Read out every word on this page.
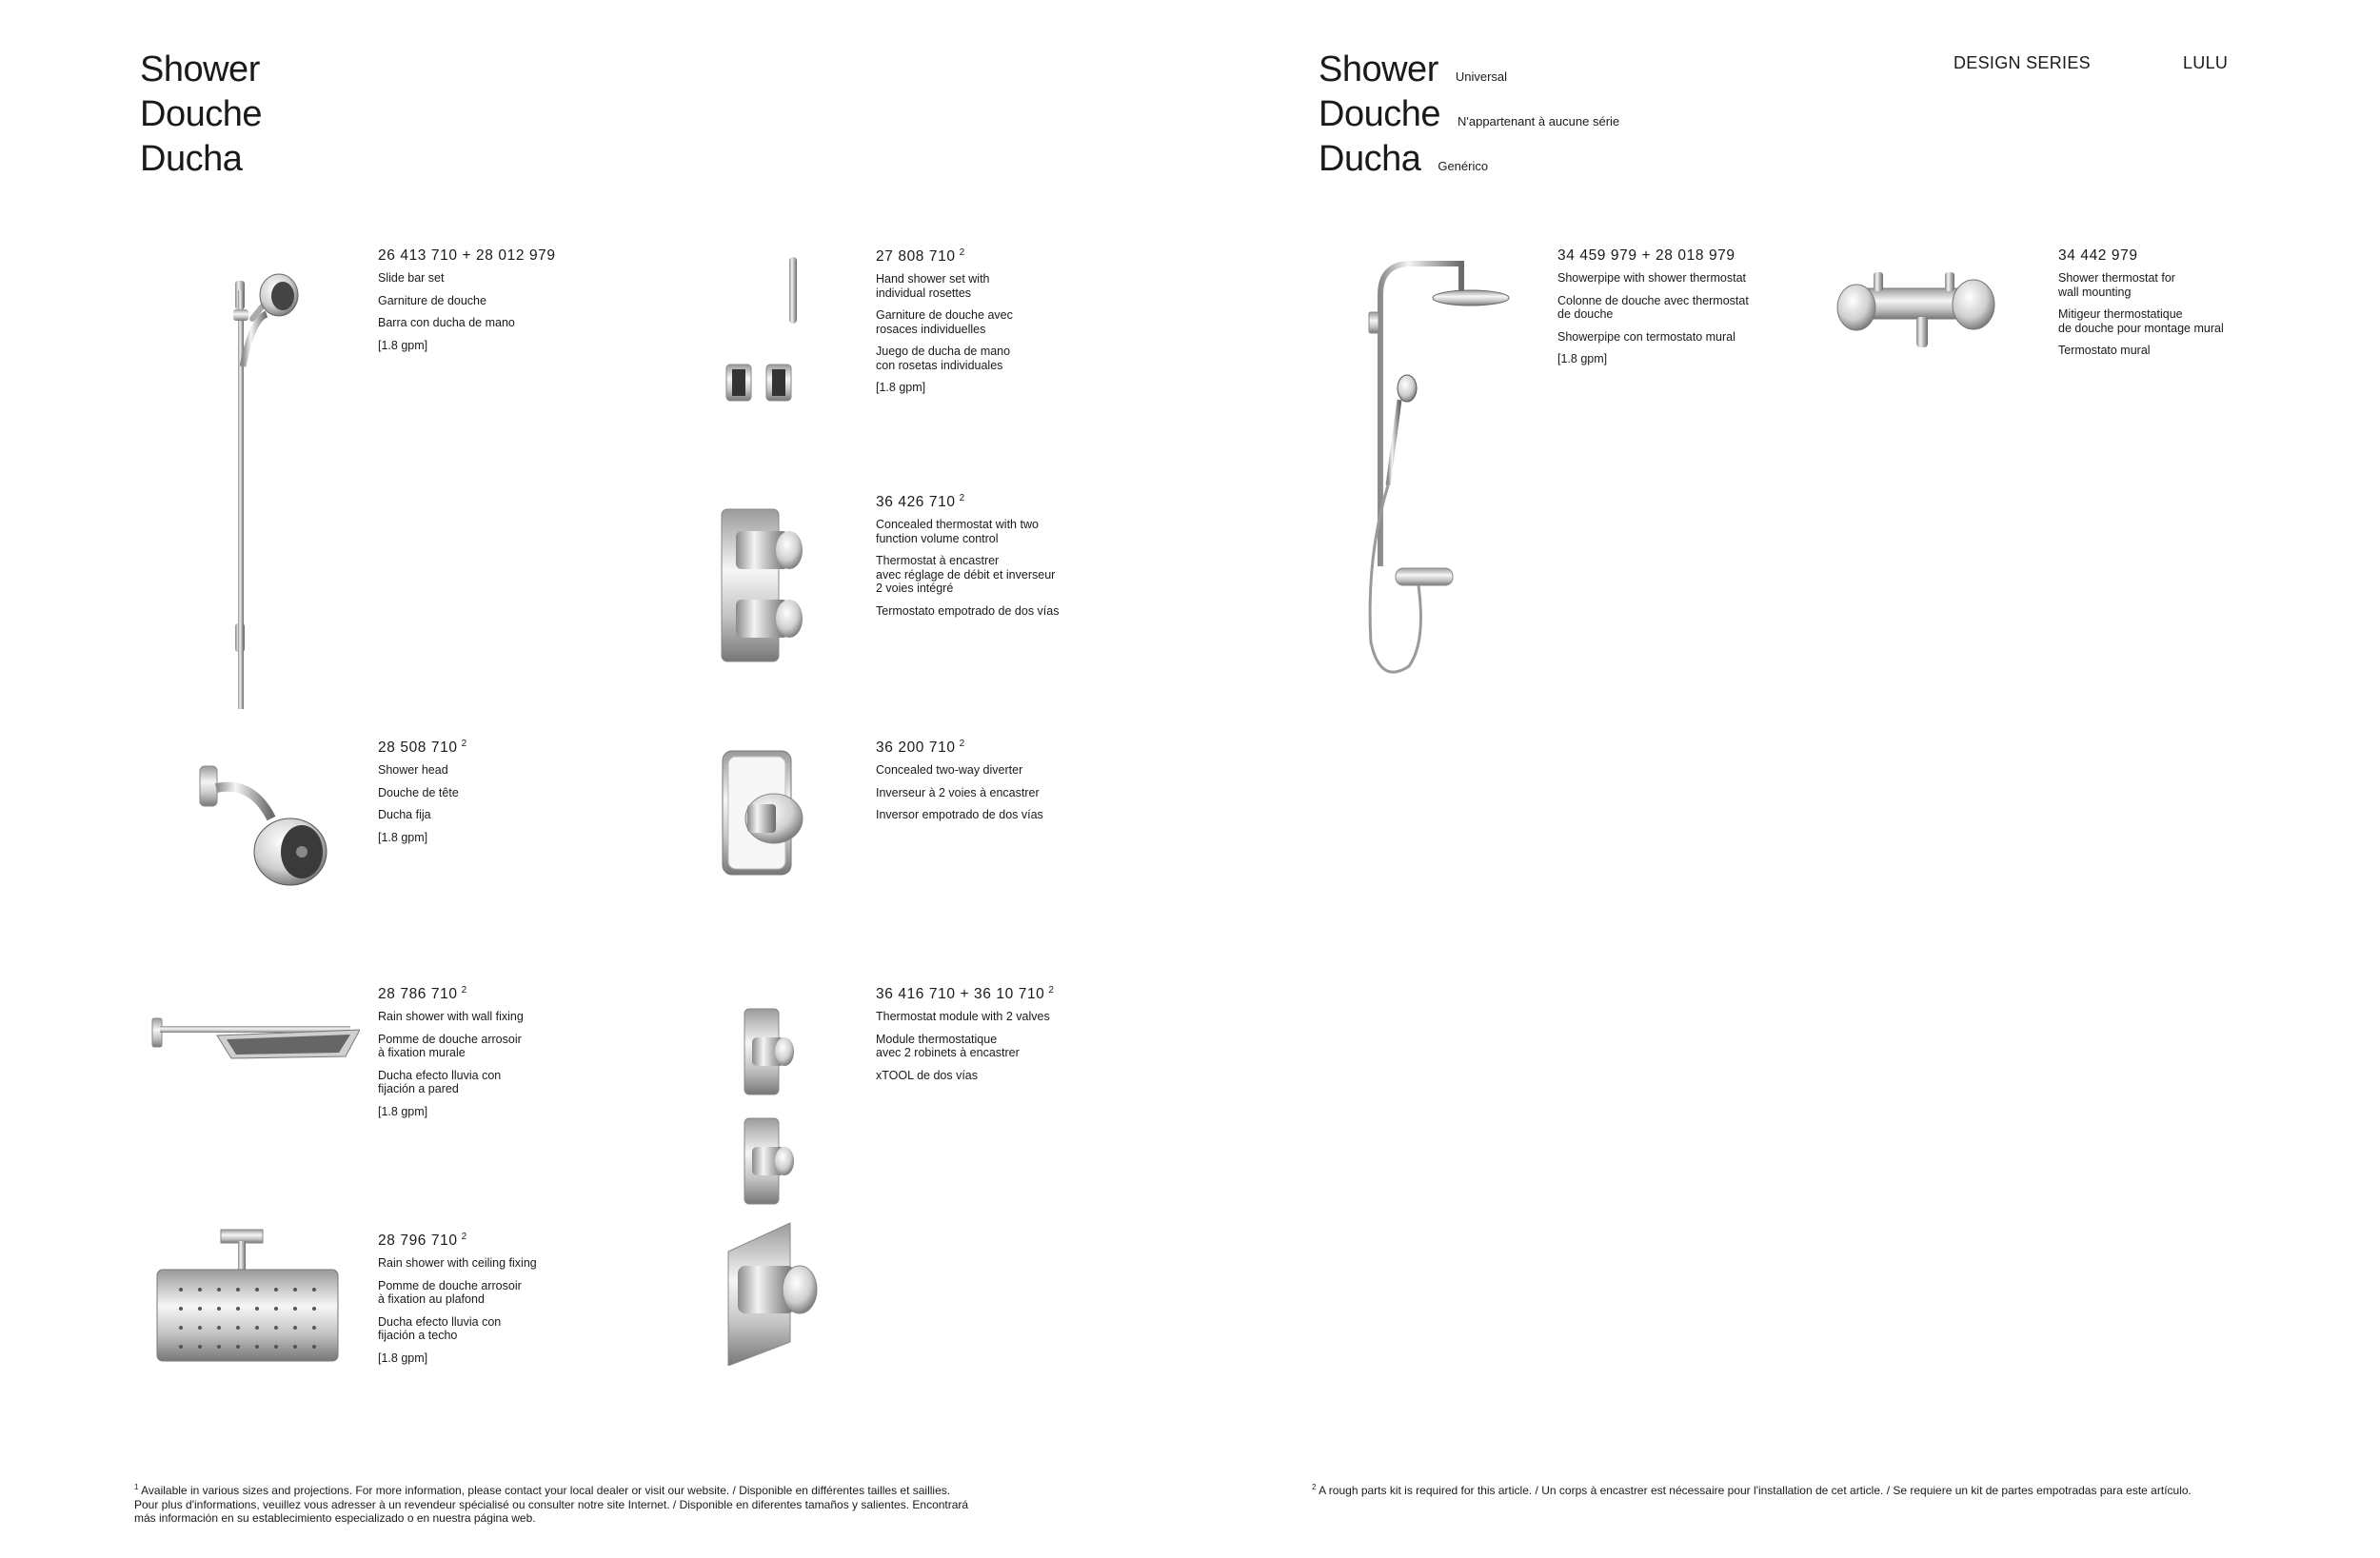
Shower
Douche
Ducha
Shower Universal
Douche N'appartenant à aucune série
Ducha Genérico
DESIGN SERIES	LULU
26 413 710 + 28 012 979
Slide bar set
Garniture de douche
Barra con ducha de mano
[1.8 gpm]
27 808 710 $^2$
Hand shower set with
individual rosettes
Garniture de douche avec
rosaces individuelles
Juego de ducha de mano
con rosetas individuales
[1.8 gpm]
36 426 710 $^2$
Concealed thermostat with two
function volume control
Thermostat à encastrer
avec réglage de débit et inverseur
2 voies intégré
Termostato empotrado de dos vías
28 508 710 $^2$
Shower head
Douche de tête
Ducha fija
[1.8 gpm]
36 200 710 $^2$
Concealed two-way diverter
Inverseur à 2 voies à encastrer
Inversor empotrado de dos vías
28 786 710 $^2$
Rain shower with wall fixing
Pomme de douche arrosoir
à fixation murale
Ducha efecto lluvia con
fijación a pared
[1.8 gpm]
36 416 710 + 36 10 710 $^2$
Thermostat module with 2 valves
Module thermostatique
avec 2 robinets à encastrer
xTOOL de dos vías
28 796 710 $^2$
Rain shower with ceiling fixing
Pomme de douche arrosoir
à fixation au plafond
Ducha efecto lluvia con
fijación a techo
[1.8 gpm]
34 459 979 + 28 018 979
Showerpipe with shower thermostat
Colonne de douche avec thermostat
de douche
Showerpipe con termostato mural
[1.8 gpm]
34 442 979
Shower thermostat for
wall mounting
Mitigeur thermostatique
de douche pour montage mural
Termostato mural
$^1$ Available in various sizes and projections. For more information, please contact your local dealer or visit our website. / Disponible en différentes tailles et saillies.
Pour plus d'informations, veuillez vous adresser à un revendeur spécialisé ou consulter notre site Internet. / Disponible en diferentes tamaños y salientes. Encontrará
más información en su establecimiento especializado o en nuestra página web.
$^2$ A rough parts kit is required for this article. / Un corps à encastrer est nécessaire pour l'installation de cet article. / Se requiere un kit de partes empotradas para este artículo.
